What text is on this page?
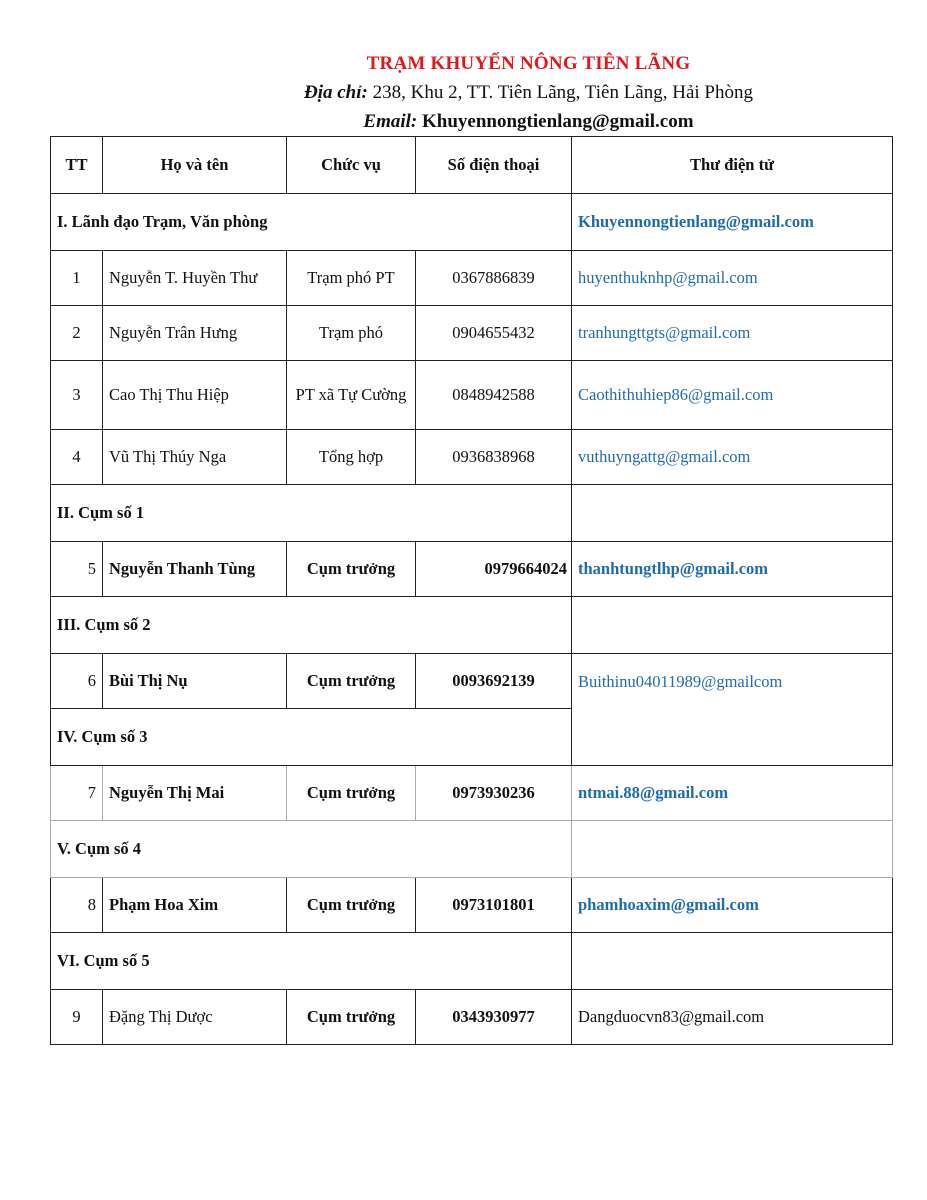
TRẠM KHUYẾN NÔNG TIÊN LÃNG
Địa chỉ: 238, Khu 2, TT. Tiên Lãng, Tiên Lãng, Hải Phòng
Email: Khuyennongtienlang@gmail.com
TT	Họ và tên	Chức vụ	Số điện thoại	Thư điện tử
I. Lãnh đạo Trạm, Văn phòng				Khuyennongtienlang@gmail.com
1	Nguyễn T. Huyền Thư	Trạm phó PT	0367886839	huyenthuknhp@gmail.com
2	Nguyễn Trân Hưng	Trạm phó	0904655432	tranhungttgts@gmail.com
3	Cao Thị Thu Hiệp	PT xã Tự Cường	0848942588	Caothithuhiep86@gmail.com
4	Vũ Thị Thúy Nga	Tổng hợp	0936838968	vuthuyngattg@gmail.com
II. Cụm số 1				
5	Nguyễn Thanh Tùng	Cụm trưởng	0979664024	thanhtungtlhp@gmail.com
III. Cụm số 2				
6	Bùi Thị Nụ	Cụm trưởng	0093692139	Buithinu04011989@gmailcom
IV. Cụm số 3				
7	Nguyễn Thị Mai	Cụm trưởng	0973930236	ntmai.88@gmail.com
V. Cụm số 4				
8	Phạm Hoa Xim	Cụm trưởng	0973101801	phamhoaxim@gmail.com
VI. Cụm số 5				
9	Đặng Thị Dược	Cụm trưởng	0343930977	Dangduocvn83@gmail.com
